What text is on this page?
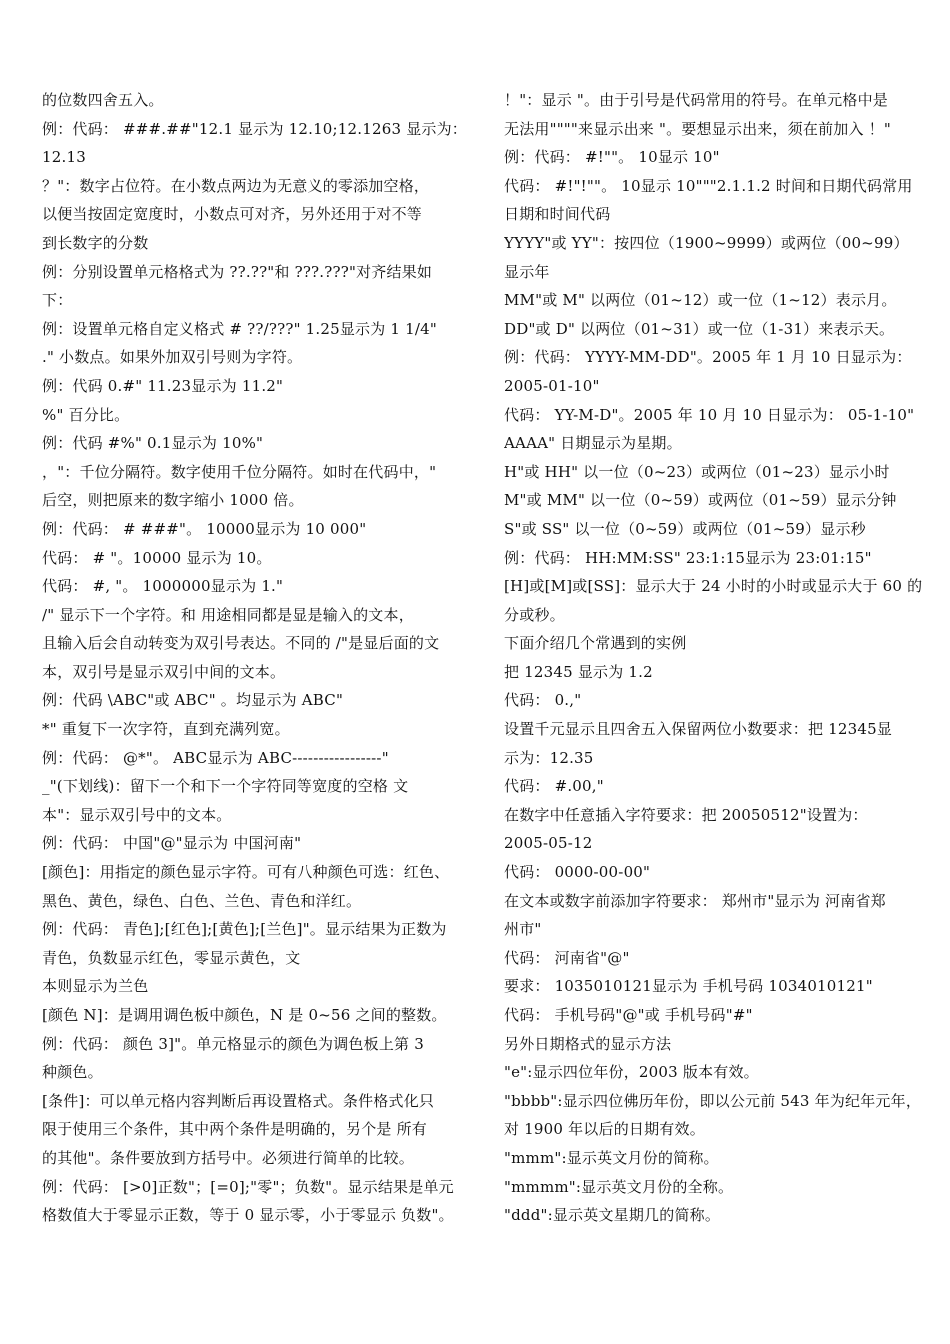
的位数四舍五入。
例：代码： ###.##"12.1 显示为 12.10;12.1263 显示为：
12.13
？"：数字占位符。在小数点两边为无意义的零添加空格，
以便当按固定宽度时，小数点可对齐，另外还用于对不等
到长数字的分数
例：分别设置单元格格式为 ??.??"和 ???.???"对齐结果如
下：
例：设置单元格自定义格式 # ??/???" 1.25显示为 1 1/4"
." 小数点。如果外加双引号则为字符。
例：代码 0.#" 11.23显示为 11.2"
%" 百分比。
例：代码 #%" 0.1显示为 10%"
，"：千位分隔符。数字使用千位分隔符。如时在代码中，"
后空，则把原来的数字缩小 1000 倍。
例：代码： # ###"。 10000显示为 10 000"
代码： # "。10000 显示为 10。
代码： #, "。 1000000显示为 1."
/" 显示下一个字符。和 用途相同都是显是输入的文本，
且输入后会自动转变为双引号表达。不同的 /"是显后面的文
本，双引号是显示双引中间的文本。
例：代码 \ABC"或 ABC" 。均显示为 ABC"
*" 重复下一次字符，直到充满列宽。
例：代码： @*"。 ABC显示为 ABC-----------------"
_"(下划线)：留下一个和下一个字符同等宽度的空格 文
本"：显示双引号中的文本。
例：代码： 中国"@"显示为 中国河南"
[颜色]：用指定的颜色显示字符。可有八种颜色可选：红色、
黑色、黄色，绿色、白色、兰色、青色和洋红。
例：代码： 青色];[红色];[黄色];[兰色]"。显示结果为正数为
青色，负数显示红色，零显示黄色，文
本则显示为兰色
[颜色 N]：是调用调色板中颜色，N 是 0~56 之间的整数。
例：代码： 颜色 3]"。单元格显示的颜色为调色板上第 3
种颜色。
[条件]：可以单元格内容判断后再设置格式。条件格式化只
限于使用三个条件，其中两个条件是明确的，另个是 所有
的其他"。条件要放到方括号中。必须进行简单的比较。
例：代码： [>0]正数"；[=0];"零"；负数"。显示结果是单元
格数值大于零显示正数，等于 0 显示零，小于零显示 负数"。
！"：显示 "。由于引号是代码常用的符号。在单元格中是
无法用""""来显示出来 "。要想显示出来，须在前加入 ！"
例：代码： #!""。 10显示 10"
代码： #!"!""。 10显示 10"""2.1.1.2 时间和日期代码常用
日期和时间代码
YYYY"或 YY"：按四位（1900~9999）或两位（00~99）
显示年
MM"或 M" 以两位（01~12）或一位（1~12）表示月。
DD"或 D" 以两位（01~31）或一位（1-31）来表示天。
例：代码： YYYY-MM-DD"。2005 年 1 月 10 日显示为：
2005-01-10"
代码： YY-M-D"。2005 年 10 月 10 日显示为： 05-1-10"
AAAA" 日期显示为星期。
H"或 HH" 以一位（0~23）或两位（01~23）显示小时
M"或 MM" 以一位（0~59）或两位（01~59）显示分钟
S"或 SS" 以一位（0~59）或两位（01~59）显示秒
例：代码： HH:MM:SS" 23:1:15显示为 23:01:15"
[H]或[M]或[SS]：显示大于 24 小时的小时或显示大于 60 的
分或秒。
下面介绍几个常遇到的实例
把 12345 显示为 1.2
代码： 0.,"
设置千元显示且四舍五入保留两位小数要求：把 12345显
示为：12.35
代码： #.00,"
在数字中任意插入字符要求：把 20050512"设置为：
2005-05-12
代码： 0000-00-00"
在文本或数字前添加字符要求： 郑州市"显示为 河南省郑
州市"
代码： 河南省"@"
要求： 1035010121显示为 手机号码 1034010121"
代码： 手机号码"@"或 手机号码"#"
另外日期格式的显示方法
"e":显示四位年份，2003 版本有效。
"bbbb":显示四位佛历年份，即以公元前 543 年为纪年元年，
对 1900 年以后的日期有效。
"mmm":显示英文月份的简称。
"mmmm":显示英文月份的全称。
"ddd":显示英文星期几的简称。
